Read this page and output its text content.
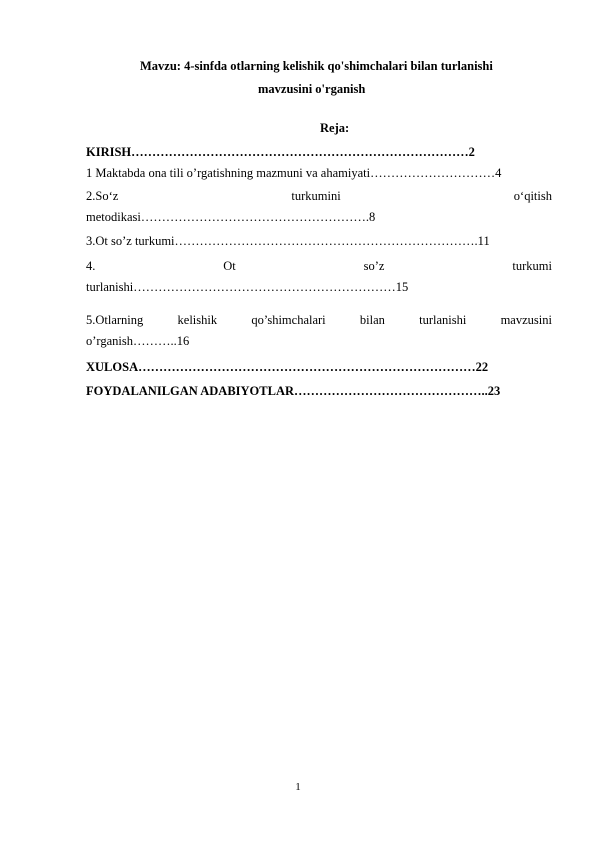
Mavzu: 4-sinfda otlarning kelishik qo'shimchalari bilan turlanishi
mavzusini o'rganish
Reja:
KIRISH………………………………………………………………………2
1 Maktabda ona tili o’rgatishning mazmuni va ahamiyati…………………………4
2.So‘z	turkumini	o‘qitish
metodikasi……………………………………………….8
3.Ot so’z turkumi……………………………………………………………….11
4.	Ot	so’z	turkumi
turlanishi………………………………………………………15
5.Otlarning	kelishik	qo’shimchalari	bilan	turlanishi	mavzusini
o’rganish………..16
XULOSA………………………………………………………………………22
FOYDALANILGAN ADABIYOTLAR………………………………………..23
1
